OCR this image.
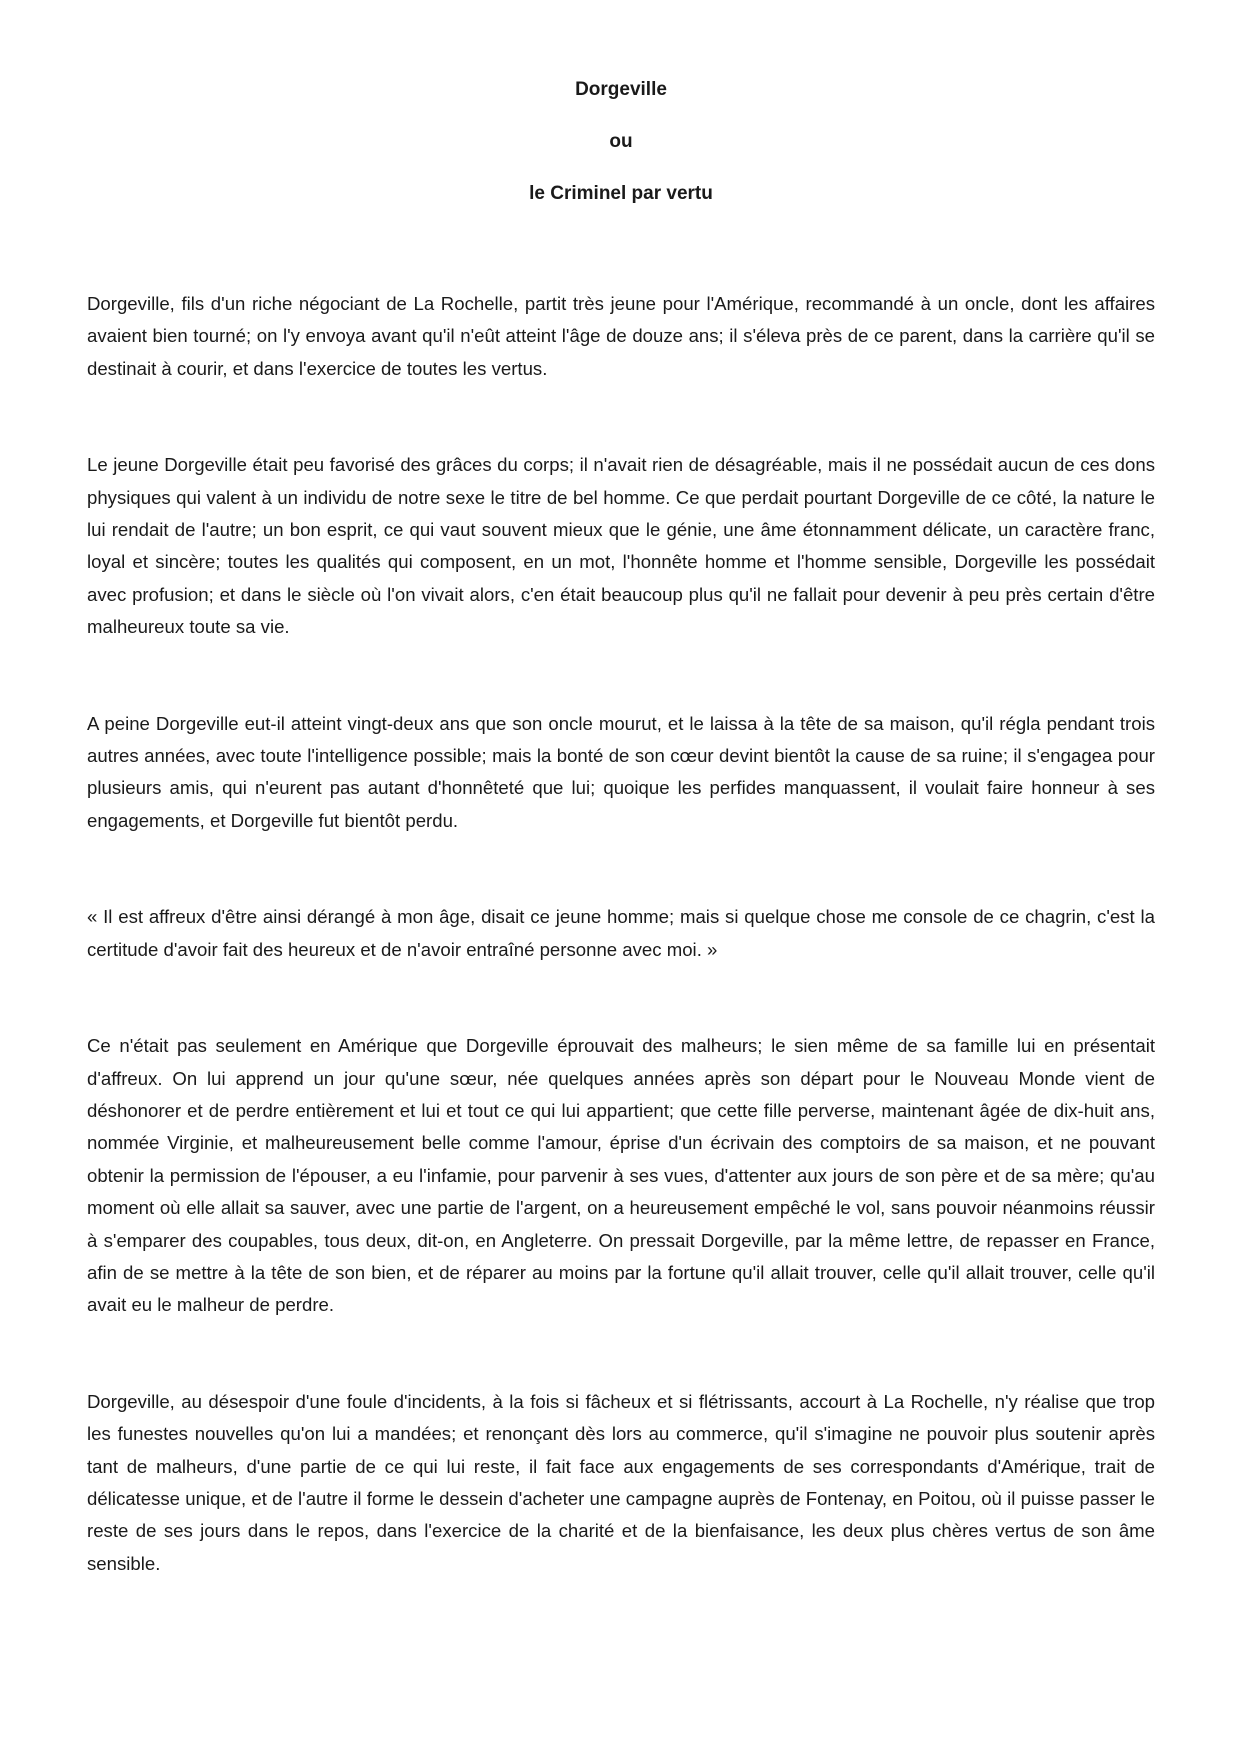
Dorgeville
ou
le Criminel par vertu

Dorgeville, fils d'un riche négociant de La Rochelle, partit très jeune pour l'Amérique, recommandé à un oncle, dont les affaires avaient bien tourné; on l'y envoya avant qu'il n'eût atteint l'âge de douze ans; il s'éleva près de ce parent, dans la carrière qu'il se destinait à courir, et dans l'exercice de toutes les vertus.

Le jeune Dorgeville était peu favorisé des grâces du corps; il n'avait rien de désagréable, mais il ne possédait aucun de ces dons physiques qui valent à un individu de notre sexe le titre de bel homme. Ce que perdait pourtant Dorgeville de ce côté, la nature le lui rendait de l'autre; un bon esprit, ce qui vaut souvent mieux que le génie, une âme étonnamment délicate, un caractère franc, loyal et sincère; toutes les qualités qui composent, en un mot, l'honnête homme et l'homme sensible, Dorgeville les possédait avec profusion; et dans le siècle où l'on vivait alors, c'en était beaucoup plus qu'il ne fallait pour devenir à peu près certain d'être malheureux toute sa vie.

A peine Dorgeville eut-il atteint vingt-deux ans que son oncle mourut, et le laissa à la tête de sa maison, qu'il régla pendant trois autres années, avec toute l'intelligence possible; mais la bonté de son cœur devint bientôt la cause de sa ruine; il s'engagea pour plusieurs amis, qui n'eurent pas autant d'honnêteté que lui; quoique les perfides manquassent, il voulait faire honneur à ses engagements, et Dorgeville fut bientôt perdu.

« Il est affreux d'être ainsi dérangé à mon âge, disait ce jeune homme; mais si quelque chose me console de ce chagrin, c'est la certitude d'avoir fait des heureux et de n'avoir entraîné personne avec moi. »

Ce n'était pas seulement en Amérique que Dorgeville éprouvait des malheurs; le sien même de sa famille lui en présentait d'affreux. On lui apprend un jour qu'une sœur, née quelques années après son départ pour le Nouveau Monde vient de déshonorer et de perdre entièrement et lui et tout ce qui lui appartient; que cette fille perverse, maintenant âgée de dix-huit ans, nommée Virginie, et malheureusement belle comme l'amour, éprise d'un écrivain des comptoirs de sa maison, et ne pouvant obtenir la permission de l'épouser, a eu l'infamie, pour parvenir à ses vues, d'attenter aux jours de son père et de sa mère; qu'au moment où elle allait sa sauver, avec une partie de l'argent, on a heureusement empêché le vol, sans pouvoir néanmoins réussir à s'emparer des coupables, tous deux, dit-on, en Angleterre. On pressait Dorgeville, par la même lettre, de repasser en France, afin de se mettre à la tête de son bien, et de réparer au moins par la fortune qu'il allait trouver, celle qu'il allait trouver, celle qu'il avait eu le malheur de perdre.

Dorgeville, au désespoir d'une foule d'incidents, à la fois si fâcheux et si flétrissants, accourt à La Rochelle, n'y réalise que trop les funestes nouvelles qu'on lui a mandées; et renonçant dès lors au commerce, qu'il s'imagine ne pouvoir plus soutenir après tant de malheurs, d'une partie de ce qui lui reste, il fait face aux engagements de ses correspondants d'Amérique, trait de délicatesse unique, et de l'autre il forme le dessein d'acheter une campagne auprès de Fontenay, en Poitou, où il puisse passer le reste de ses jours dans le repos, dans l'exercice de la charité et de la bienfaisance, les deux plus chères vertus de son âme sensible.
